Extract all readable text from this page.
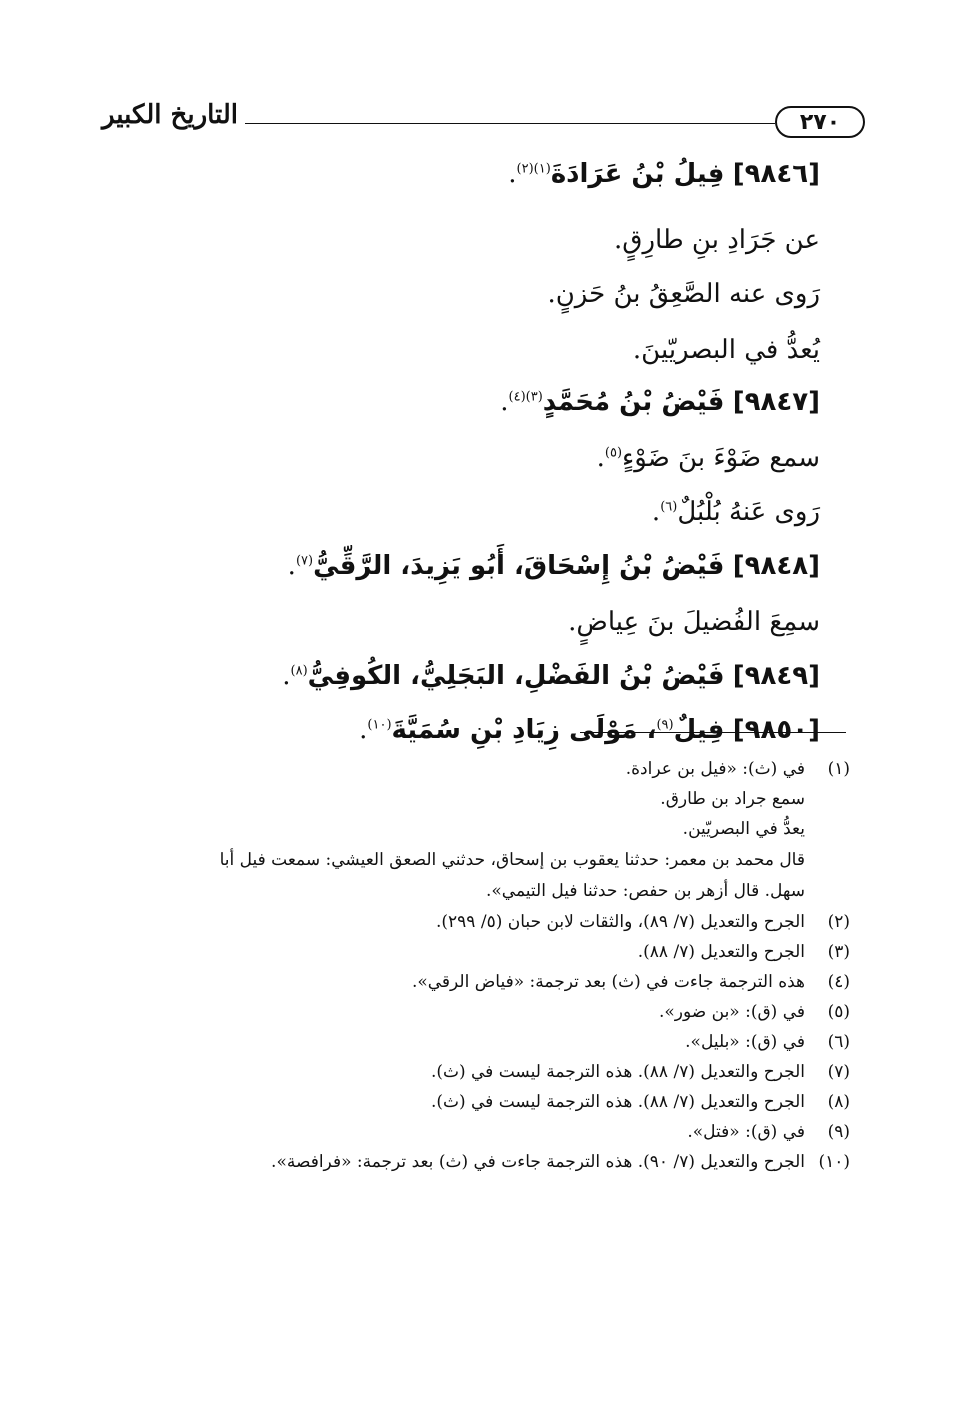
٢٧٠
التاريخ الكبير
[٩٨٤٦] فِيلُ بْنُ عَرَادَةَ$^{(١)(٢)}$.
عن جَرَادِ بنِ طارِقٍ.
رَوى عنه الصَّعِقُ بنُ حَزنٍ.
يُعدُّ في البصريّينَ.
[٩٨٤٧] فَيْضُ بْنُ مُحَمَّدٍ$^{(٣)(٤)}$.
سمع ضَوْءَ بنَ ضَوْءٍ$^{(٥)}$.
رَوى عَنهُ بُلْبُلٌ$^{(٦)}$.
[٩٨٤٨] فَيْضُ بْنُ إِسْحَاقَ، أَبُو يَزِيدَ، الرَّقِّيُّ$^{(٧)}$.
سمِعَ الفُضيلَ بنَ عِياضٍ.
[٩٨٤٩] فَيْضُ بْنُ الفَضْلِ، البَجَلِيُّ، الكُوفِيُّ$^{(٨)}$.
[٩٨٥٠] فِيلٌ$^{(٩)}$، مَوْلَى زِيَادِ بْنِ سُمَيَّةَ$^{(١٠)}$.
(١)
في (ث): «فيل بن عرادة.
سمع جراد بن طارق.
يعدُّ في البصريّين.
قال محمد بن معمر: حدثنا يعقوب بن إسحاق، حدثني الصعق العيشي: سمعت فيل أبا
سهل. قال أزهر بن حفص: حدثنا فيل التيمي».
(٢)
الجرح والتعديل (٧/ ٨٩)، والثقات لابن حبان (٥/ ٢٩٩).
(٣)
الجرح والتعديل (٧/ ٨٨).
(٤)
هذه الترجمة جاءت في (ث) بعد ترجمة: «فياض الرقي».
(٥)
في (ق): «بن ضور».
(٦)
في (ق): «بليل».
(٧)
الجرح والتعديل (٧/ ٨٨). هذه الترجمة ليست في (ث).
(٨)
الجرح والتعديل (٧/ ٨٨). هذه الترجمة ليست في (ث).
(٩)
في (ق): «فتل».
(١٠)
الجرح والتعديل (٧/ ٩٠). هذه الترجمة جاءت في (ث) بعد ترجمة: «فرافصة».
